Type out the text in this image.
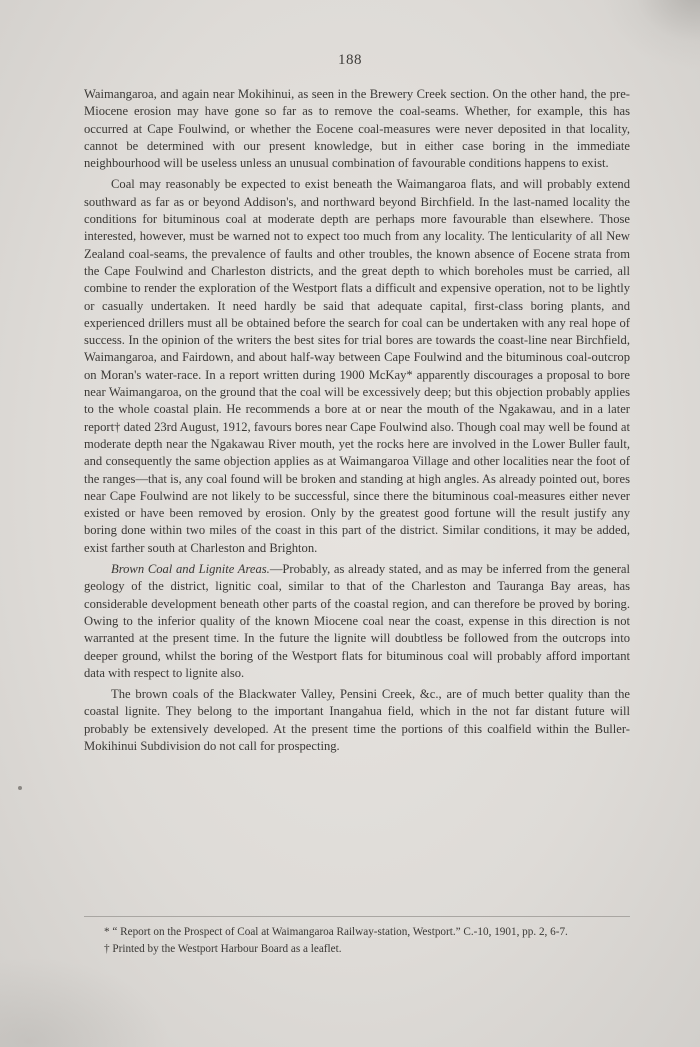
188

Waimangaroa, and again near Mokihinui, as seen in the Brewery Creek section. On the other hand, the pre-Miocene erosion may have gone so far as to remove the coal-seams. Whether, for example, this has occurred at Cape Foulwind, or whether the Eocene coal-measures were never deposited in that locality, cannot be determined with our present knowledge, but in either case boring in the immediate neighbourhood will be useless unless an unusual combination of favourable conditions happens to exist.

Coal may reasonably be expected to exist beneath the Waimangaroa flats, and will probably extend southward as far as or beyond Addison's, and northward beyond Birchfield. In the last-named locality the conditions for bituminous coal at moderate depth are perhaps more favourable than elsewhere. Those interested, however, must be warned not to expect too much from any locality. The lenticularity of all New Zealand coal-seams, the prevalence of faults and other troubles, the known absence of Eocene strata from the Cape Foulwind and Charleston districts, and the great depth to which boreholes must be carried, all combine to render the exploration of the Westport flats a difficult and expensive operation, not to be lightly or casually undertaken. It need hardly be said that adequate capital, first-class boring plants, and experienced drillers must all be obtained before the search for coal can be undertaken with any real hope of success. In the opinion of the writers the best sites for trial bores are towards the coast-line near Birchfield, Waimangaroa, and Fairdown, and about half-way between Cape Foulwind and the bituminous coal-outcrop on Moran's water-race. In a report written during 1900 McKay* apparently discourages a proposal to bore near Waimangaroa, on the ground that the coal will be excessively deep; but this objection probably applies to the whole coastal plain. He recommends a bore at or near the mouth of the Ngakawau, and in a later report† dated 23rd August, 1912, favours bores near Cape Foulwind also. Though coal may well be found at moderate depth near the Ngakawau River mouth, yet the rocks here are involved in the Lower Buller fault, and consequently the same objection applies as at Waimangaroa Village and other localities near the foot of the ranges—that is, any coal found will be broken and standing at high angles. As already pointed out, bores near Cape Foulwind are not likely to be successful, since there the bituminous coal-measures either never existed or have been removed by erosion. Only by the greatest good fortune will the result justify any boring done within two miles of the coast in this part of the district. Similar conditions, it may be added, exist farther south at Charleston and Brighton.

Brown Coal and Lignite Areas.—Probably, as already stated, and as may be inferred from the general geology of the district, lignitic coal, similar to that of the Charleston and Tauranga Bay areas, has considerable development beneath other parts of the coastal region, and can therefore be proved by boring. Owing to the inferior quality of the known Miocene coal near the coast, expense in this direction is not warranted at the present time. In the future the lignite will doubtless be followed from the outcrops into deeper ground, whilst the boring of the Westport flats for bituminous coal will probably afford important data with respect to lignite also.

The brown coals of the Blackwater Valley, Pensini Creek, &c., are of much better quality than the coastal lignite. They belong to the important Inangahua field, which in the not far distant future will probably be extensively developed. At the present time the portions of this coalfield within the Buller-Mokihinui Subdivision do not call for prospecting.

* “ Report on the Prospect of Coal at Waimangaroa Railway-station, Westport.” C.-10, 1901, pp. 2, 6-7.

† Printed by the Westport Harbour Board as a leaflet.
